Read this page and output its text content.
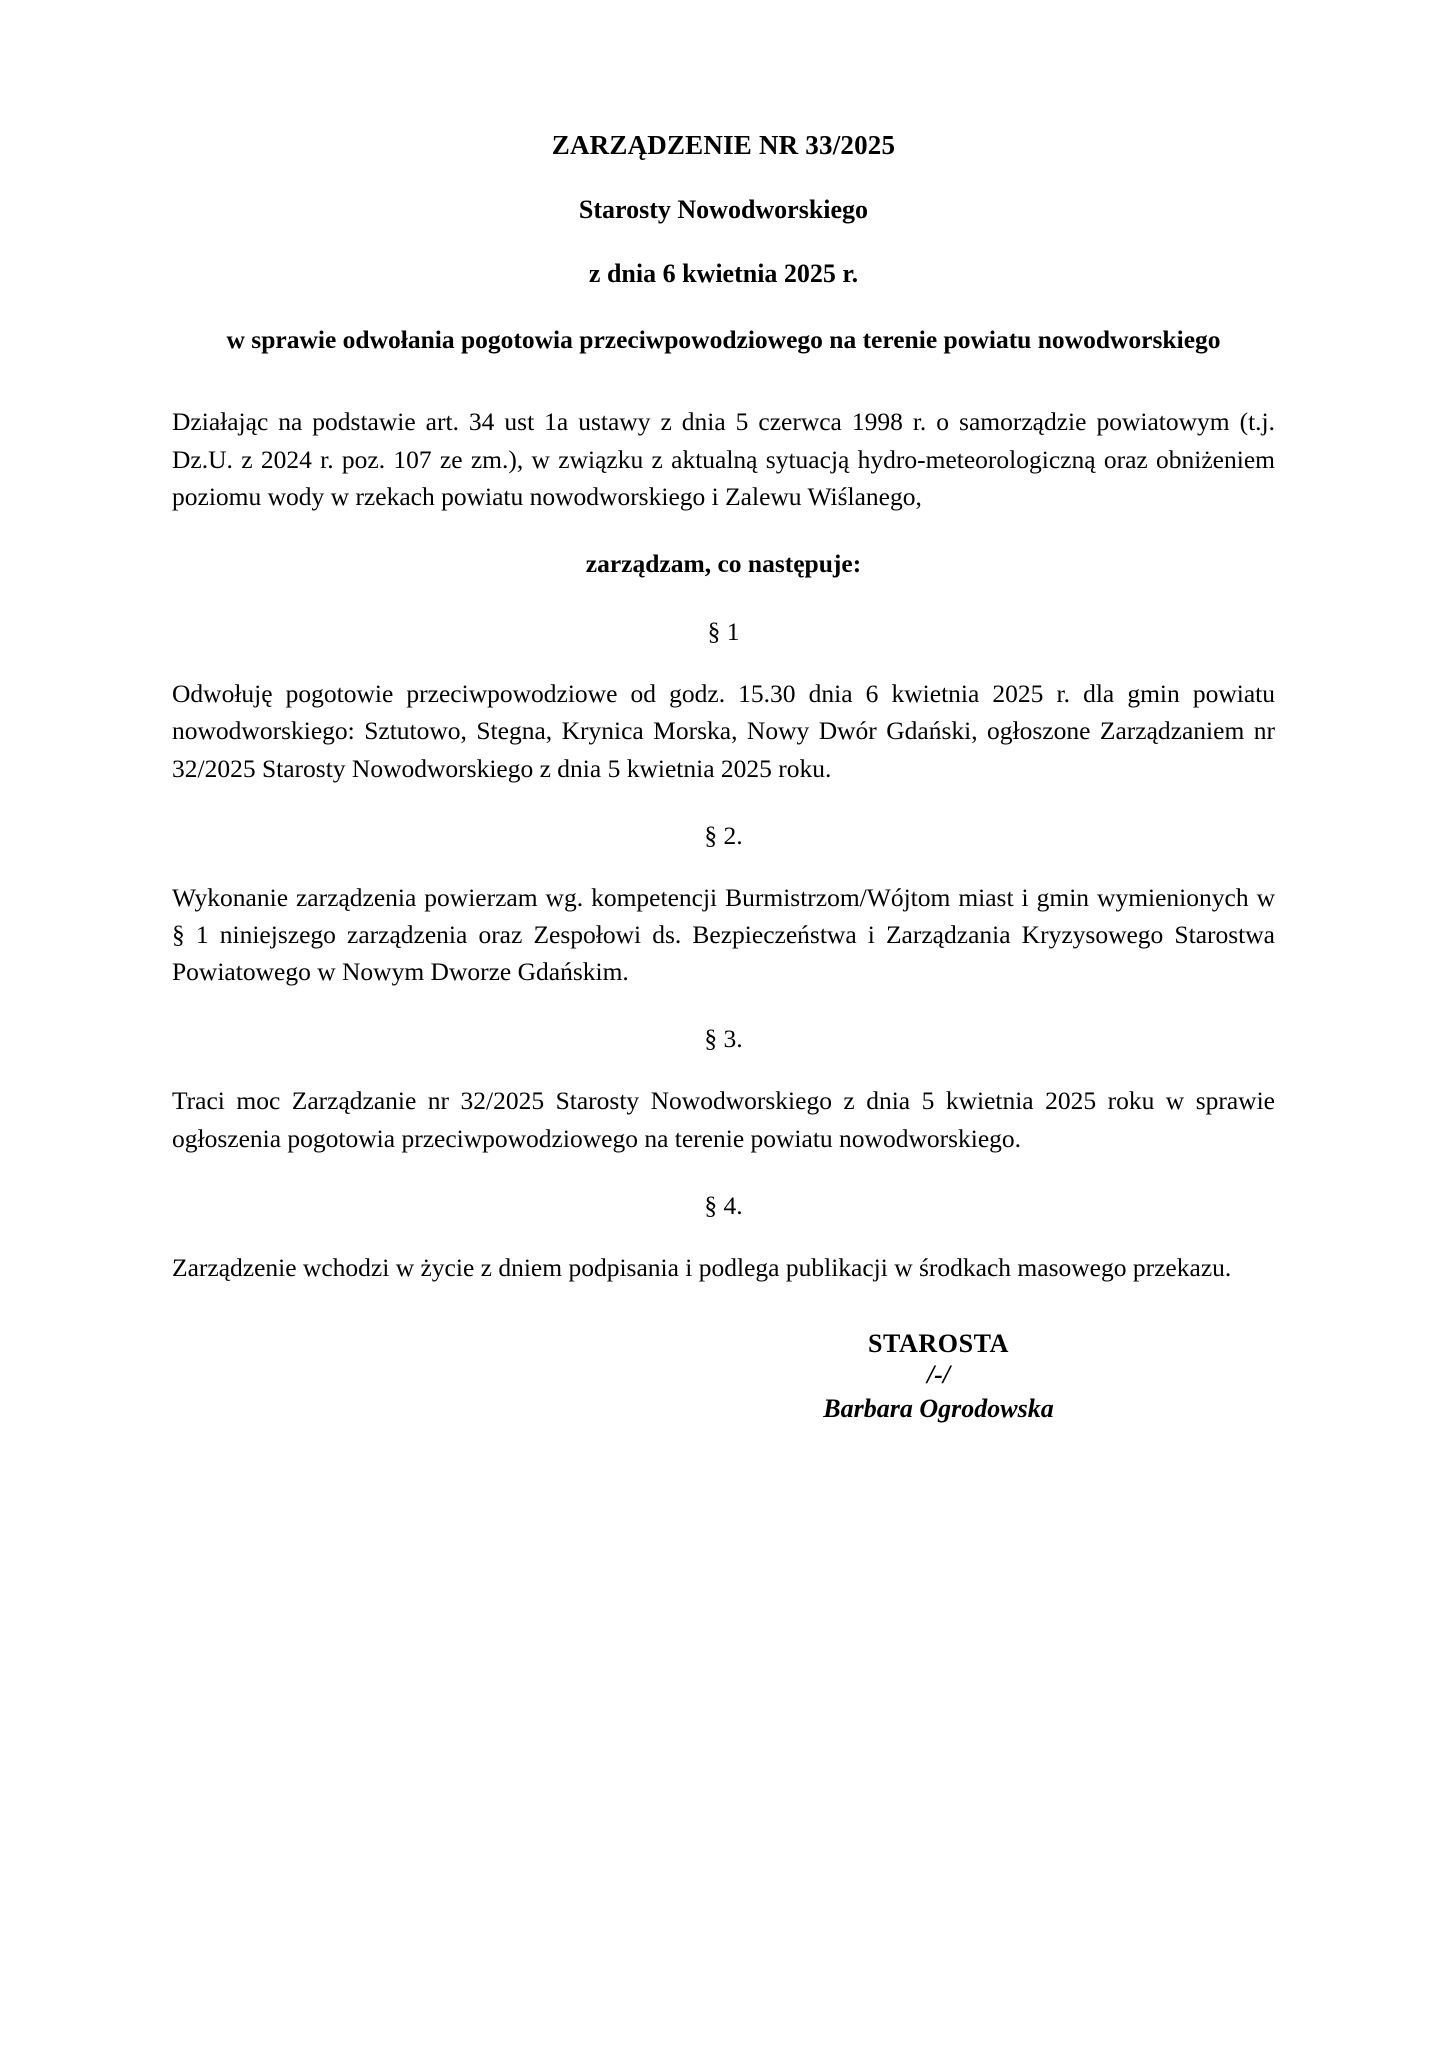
ZARZĄDZENIE NR 33/2025
Starosty Nowodworskiego
z dnia 6 kwietnia 2025 r.
w sprawie odwołania pogotowia przeciwpowodziowego na terenie powiatu nowodworskiego

Działając na podstawie art. 34 ust 1a ustawy z dnia 5 czerwca 1998 r. o samorządzie powiatowym (t.j. Dz.U. z 2024 r. poz. 107 ze zm.), w związku z aktualną sytuacją hydro-meteorologiczną oraz obniżeniem poziomu wody w rzekach powiatu nowodworskiego i Zalewu Wiślanego,

zarządzam, co następuje:
§ 1

Odwołuję pogotowie przeciwpowodziowe od godz. 15.30 dnia 6 kwietnia 2025 r. dla gmin powiatu nowodworskiego: Sztutowo, Stegna, Krynica Morska, Nowy Dwór Gdański, ogłoszone Zarządzaniem nr 32/2025 Starosty Nowodworskiego z dnia 5 kwietnia 2025 roku.

§ 2.

Wykonanie zarządzenia powierzam wg. kompetencji Burmistrzom/Wójtom miast i gmin wymienionych w § 1 niniejszego zarządzenia oraz Zespołowi ds. Bezpieczeństwa i Zarządzania Kryzysowego Starostwa Powiatowego w Nowym Dworze Gdańskim.

§ 3.

Traci moc Zarządzanie nr 32/2025 Starosty Nowodworskiego z dnia 5 kwietnia 2025 roku w sprawie ogłoszenia pogotowia przeciwpowodziowego na terenie powiatu nowodworskiego.

§ 4.

Zarządzenie wchodzi w życie z dniem podpisania i podlega publikacji w środkach masowego przekazu.

STAROSTA
/-/
Barbara Ogrodowska
